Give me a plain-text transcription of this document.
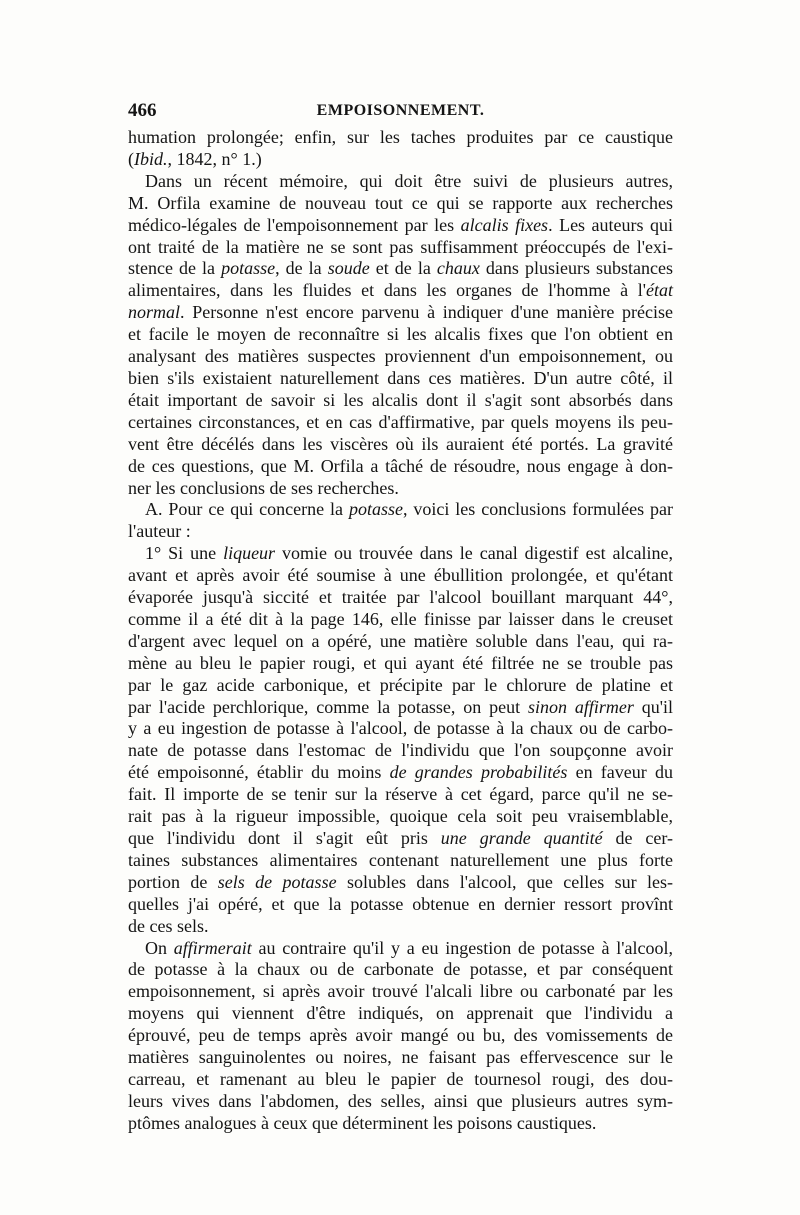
466	EMPOISONNEMENT.
humation prolongée; enfin, sur les taches produites par ce caustique
(Ibid., 1842, n° 1.)
Dans un récent mémoire, qui doit être suivi de plusieurs autres,
M. Orfila examine de nouveau tout ce qui se rapporte aux recherches
médico-légales de l'empoisonnement par les alcalis fixes. Les auteurs qui
ont traité de la matière ne se sont pas suffisamment préoccupés de l'exi-
stence de la potasse, de la soude et de la chaux dans plusieurs substances
alimentaires, dans les fluides et dans les organes de l'homme à l'état
normal. Personne n'est encore parvenu à indiquer d'une manière précise
et facile le moyen de reconnaître si les alcalis fixes que l'on obtient en
analysant des matières suspectes proviennent d'un empoisonnement, ou
bien s'ils existaient naturellement dans ces matières. D'un autre côté, il
était important de savoir si les alcalis dont il s'agit sont absorbés dans
certaines circonstances, et en cas d'affirmative, par quels moyens ils peu-
vent être décélés dans les viscères où ils auraient été portés. La gravité
de ces questions, que M. Orfila a tâché de résoudre, nous engage à don-
ner les conclusions de ses recherches.
A. Pour ce qui concerne la potasse, voici les conclusions formulées par
l'auteur :
1° Si une liqueur vomie ou trouvée dans le canal digestif est alcaline,
avant et après avoir été soumise à une ébullition prolongée, et qu'étant
évaporée jusqu'à siccité et traitée par l'alcool bouillant marquant 44°,
comme il a été dit à la page 146, elle finisse par laisser dans le creuset
d'argent avec lequel on a opéré, une matière soluble dans l'eau, qui ra-
mène au bleu le papier rougi, et qui ayant été filtrée ne se trouble pas
par le gaz acide carbonique, et précipite par le chlorure de platine et
par l'acide perchlorique, comme la potasse, on peut sinon affirmer qu'il
y a eu ingestion de potasse à l'alcool, de potasse à la chaux ou de carbo-
nate de potasse dans l'estomac de l'individu que l'on soupçonne avoir
été empoisonné, établir du moins de grandes probabilités en faveur du
fait. Il importe de se tenir sur la réserve à cet égard, parce qu'il ne se-
rait pas à la rigueur impossible, quoique cela soit peu vraisemblable,
que l'individu dont il s'agit eût pris une grande quantité de cer-
taines substances alimentaires contenant naturellement une plus forte
portion de sels de potasse solubles dans l'alcool, que celles sur les-
quelles j'ai opéré, et que la potasse obtenue en dernier ressort provînt
de ces sels.
On affirmerait au contraire qu'il y a eu ingestion de potasse à l'alcool,
de potasse à la chaux ou de carbonate de potasse, et par conséquent
empoisonnement, si après avoir trouvé l'alcali libre ou carbonaté par les
moyens qui viennent d'être indiqués, on apprenait que l'individu a
éprouvé, peu de temps après avoir mangé ou bu, des vomissements de
matières sanguinolentes ou noires, ne faisant pas effervescence sur le
carreau, et ramenant au bleu le papier de tournesol rougi, des dou-
leurs vives dans l'abdomen, des selles, ainsi que plusieurs autres sym-
ptômes analogues à ceux que déterminent les poisons caustiques.
